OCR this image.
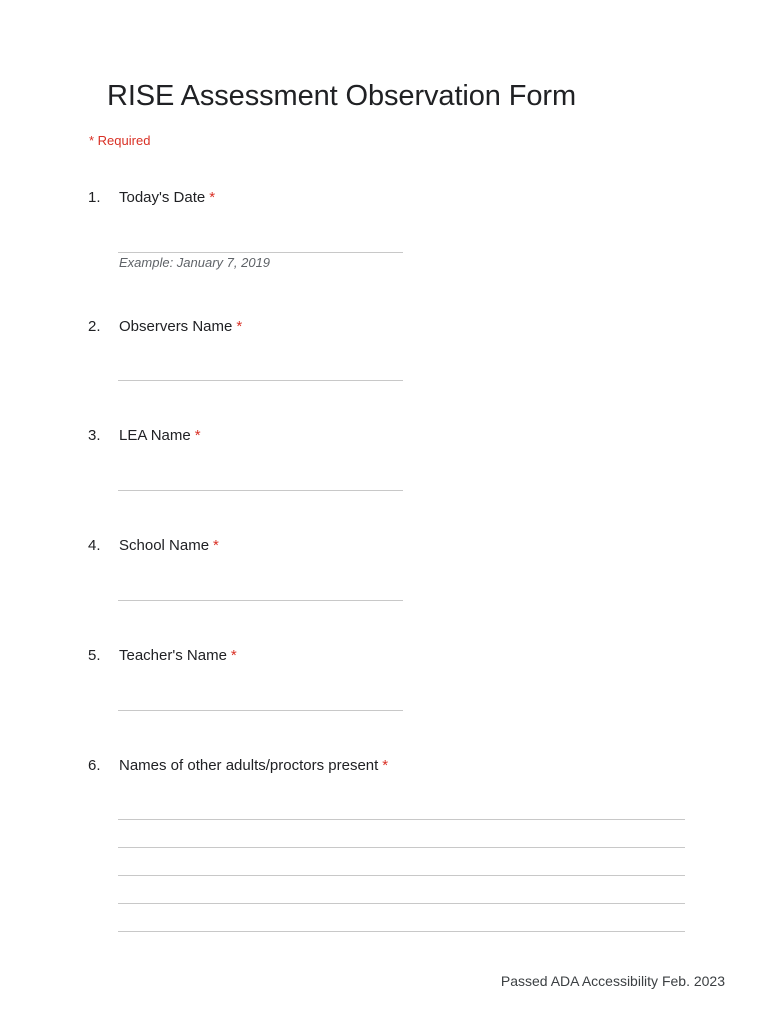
RISE Assessment Observation Form
* Required
1. Today's Date *
Example: January 7, 2019
2. Observers Name *
3. LEA Name *
4. School Name *
5. Teacher's Name *
6. Names of other adults/proctors present *
Passed ADA Accessibility Feb. 2023
